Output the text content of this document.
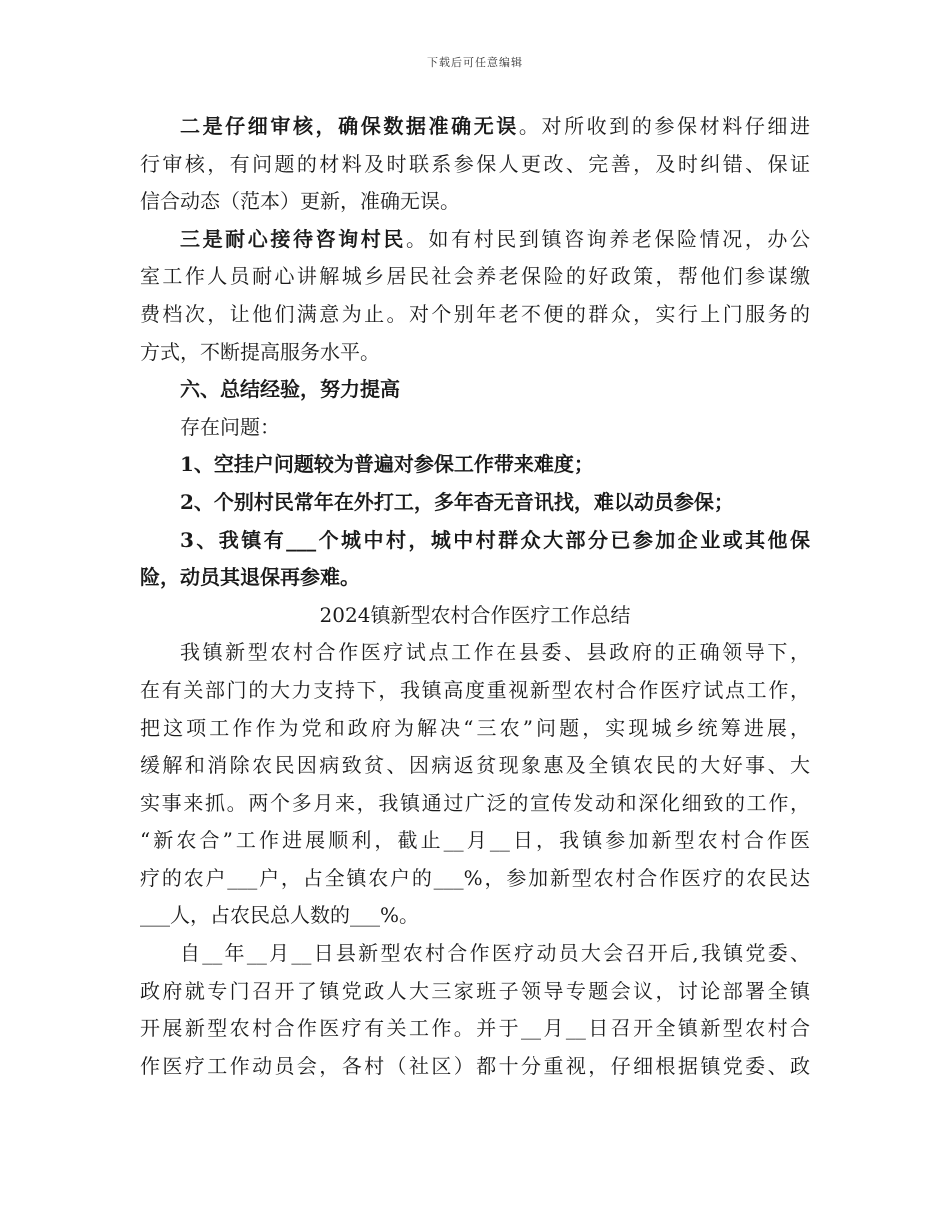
下载后可任意编辑
二是仔细审核，确保数据准确无误。对所收到的参保材料仔细进
行审核，有问题的材料及时联系参保人更改、完善，及时纠错、保证
信合动态（范本）更新，准确无误。
三是耐心接待咨询村民。如有村民到镇咨询养老保险情况，办公
室工作人员耐心讲解城乡居民社会养老保险的好政策，帮他们参谋缴
费档次，让他们满意为止。对个别年老不便的群众，实行上门服务的
方式，不断提高服务水平。
六、总结经验，努力提高
存在问题：
1、空挂户问题较为普遍对参保工作带来难度；
2、个别村民常年在外打工，多年杳无音讯找，难以动员参保；
3、我镇有___个城中村，城中村群众大部分已参加企业或其他保
险，动员其退保再参难。
2024镇新型农村合作医疗工作总结
我镇新型农村合作医疗试点工作在县委、县政府的正确领导下，
在有关部门的大力支持下，我镇高度重视新型农村合作医疗试点工作，
把这项工作作为党和政府为解决“三农”问题，实现城乡统筹进展，
缓解和消除农民因病致贫、因病返贫现象惠及全镇农民的大好事、大
实事来抓。两个多月来，我镇通过广泛的宣传发动和深化细致的工作，
“新农合”工作进展顺利，截止__月__日，我镇参加新型农村合作医
疗的农户___户，占全镇农户的___%，参加新型农村合作医疗的农民达
___人，占农民总人数的___%。
自__年__月__日县新型农村合作医疗动员大会召开后,我镇党委、
政府就专门召开了镇党政人大三家班子领导专题会议，讨论部署全镇
开展新型农村合作医疗有关工作。并于__月__日召开全镇新型农村合
作医疗工作动员会，各村（社区）都十分重视，仔细根据镇党委、政
